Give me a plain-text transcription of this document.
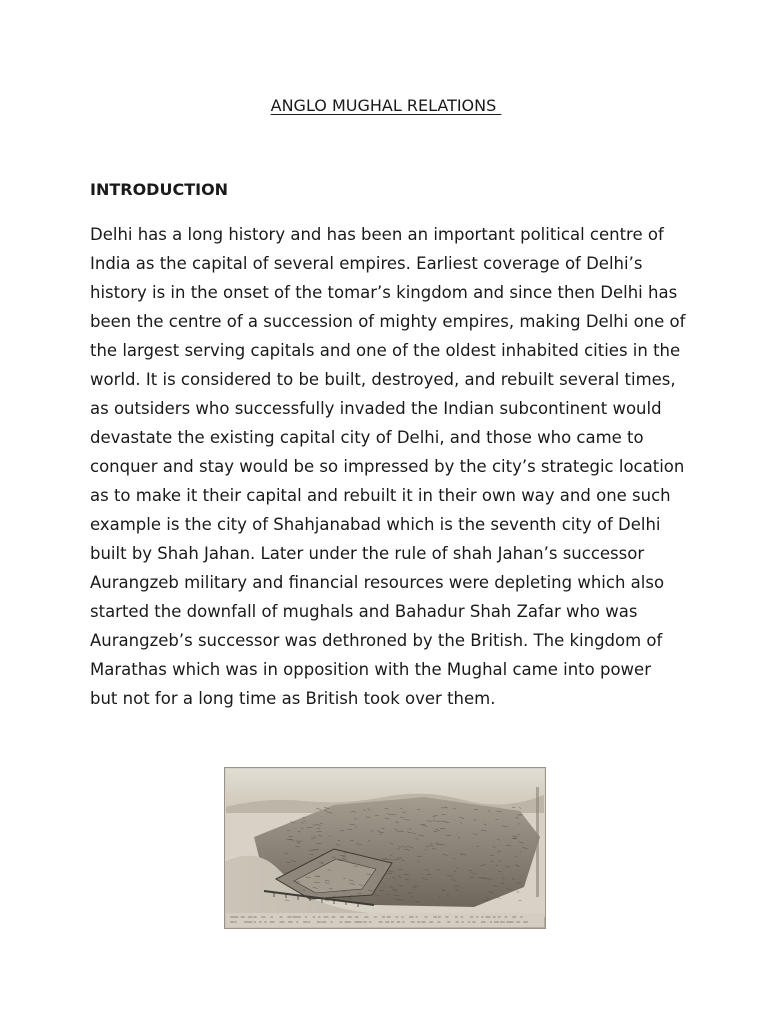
ANGLO MUGHAL RELATIONS
INTRODUCTION

Delhi has a long history and has been an important political centre of
India as the capital of several empires. Earliest coverage of Delhi’s
history is in the onset of the tomar’s kingdom and since then Delhi has
been the centre of a succession of mighty empires, making Delhi one of
the largest serving capitals and one of the oldest inhabited cities in the
world. It is considered to be built, destroyed, and rebuilt several times,
as outsiders who successfully invaded the Indian subcontinent would
devastate the existing capital city of Delhi, and those who came to
conquer and stay would be so impressed by the city’s strategic location
as to make it their capital and rebuilt it in their own way and one such
example is the city of Shahjanabad which is the seventh city of Delhi
built by Shah Jahan. Later under the rule of shah Jahan’s successor
Aurangzeb military and financial resources were depleting which also
started the downfall of mughals and Bahadur Shah Zafar who was
Aurangzeb’s successor was dethroned by the British. The kingdom of
Marathas which was in opposition with the Mughal came into power
but not for a long time as British took over them.
